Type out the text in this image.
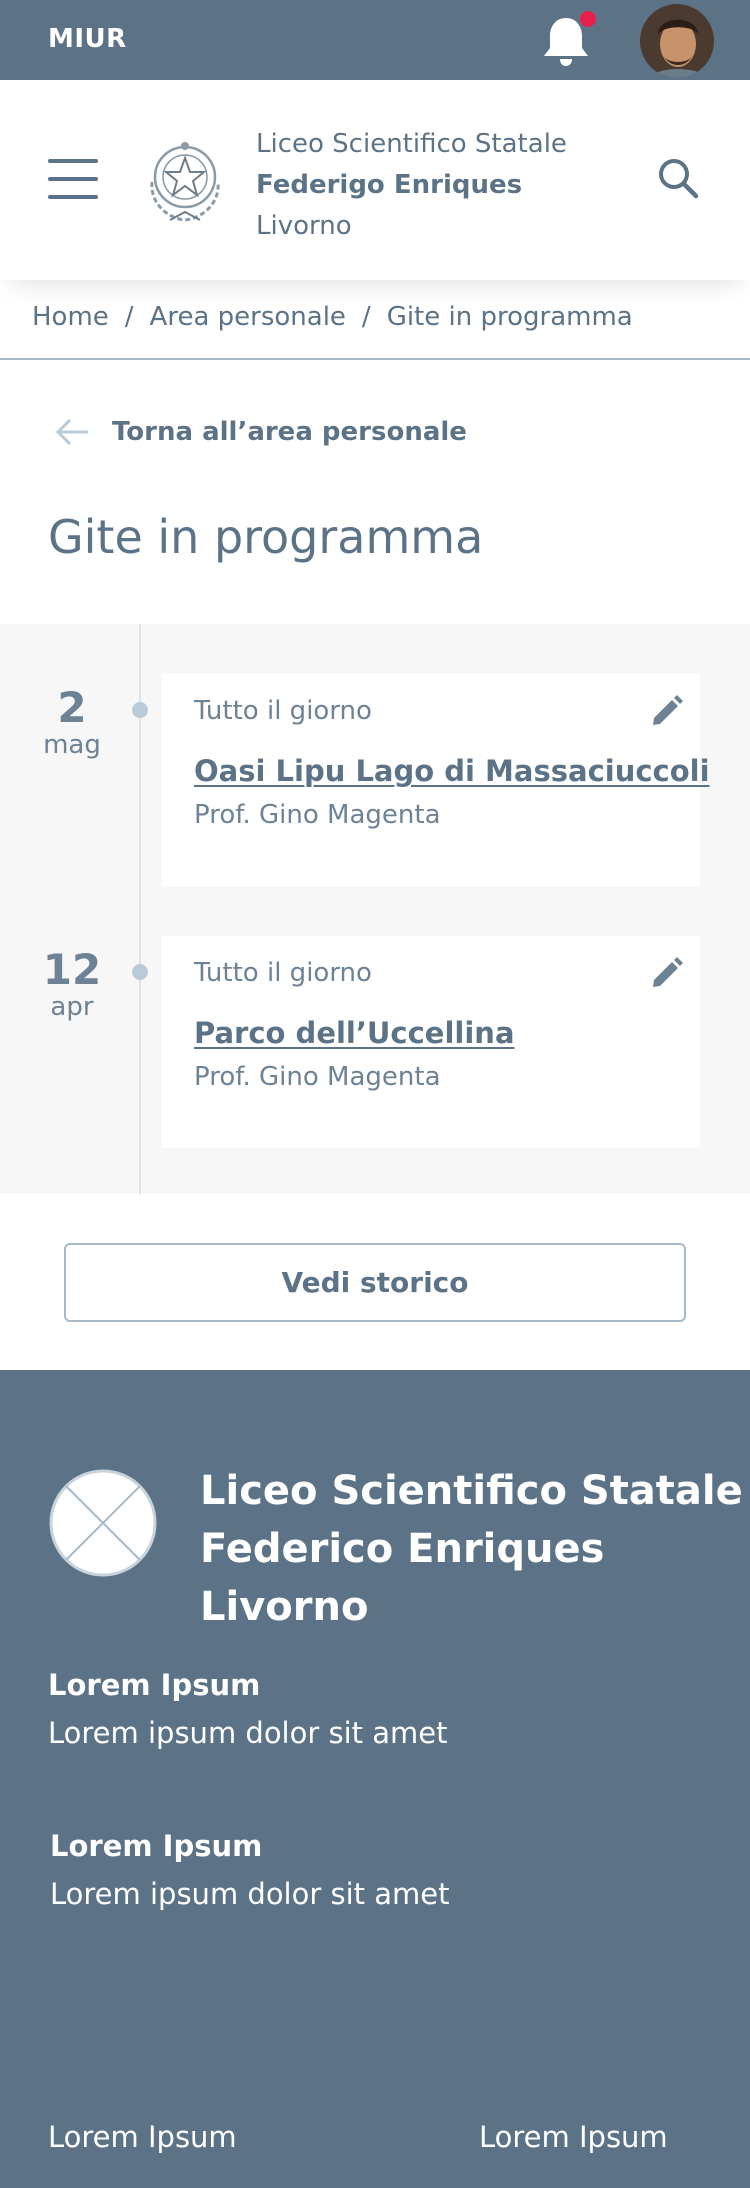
MIUR
Liceo Scientifico Statale
Federigo Enriques
Livorno
Home / Area personale / Gite in programma
Torna all’area personale
Gite in programma
2
mag
Tutto il giorno
Oasi Lipu Lago di Massaciuccoli
Prof. Gino Magenta
12
apr
Tutto il giorno
Parco dell’Uccellina
Prof. Gino Magenta
Vedi storico
Liceo Scientifico Statale
Federico Enriques
Livorno
Lorem Ipsum
Lorem ipsum dolor sit amet
Lorem Ipsum
Lorem ipsum dolor sit amet
Lorem Ipsum	Lorem Ipsum
